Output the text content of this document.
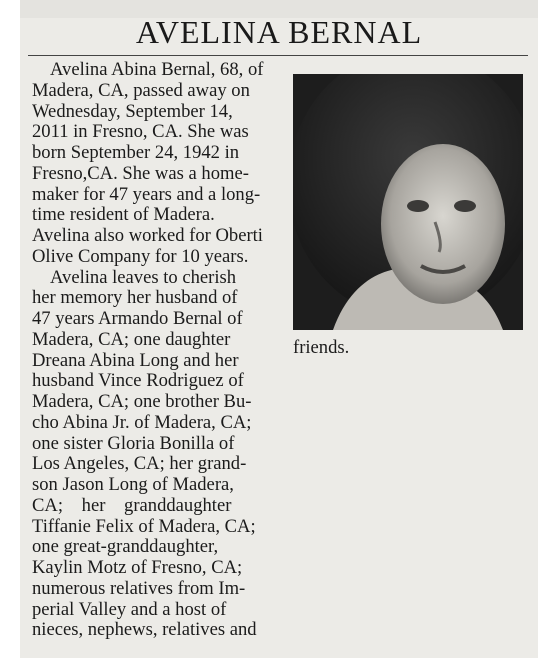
AVELINA BERNAL
Avelina Abina Bernal, 68, of
Madera, CA, passed away on
Wednesday, September 14,
2011 in Fresno, CA. She was
born September 24, 1942 in
Fresno,CA. She was a home-
maker for 47 years and a long-
time resident of Madera.
Avelina also worked for Oberti
Olive Company for 10 years.
Avelina leaves to cherish
her memory her husband of
47 years Armando Bernal of
Madera, CA; one daughter
Dreana Abina Long and her
husband Vince Rodriguez of
Madera, CA; one brother Bu-
cho Abina Jr. of Madera, CA;
one sister Gloria Bonilla of
Los Angeles, CA; her grand-
son Jason Long of Madera,
CA; her granddaughter
Tiffanie Felix of Madera, CA;
one great-granddaughter,
Kaylin Motz of Fresno, CA;
numerous relatives from Im-
perial Valley and a host of
nieces, nephews, relatives and
friends.
